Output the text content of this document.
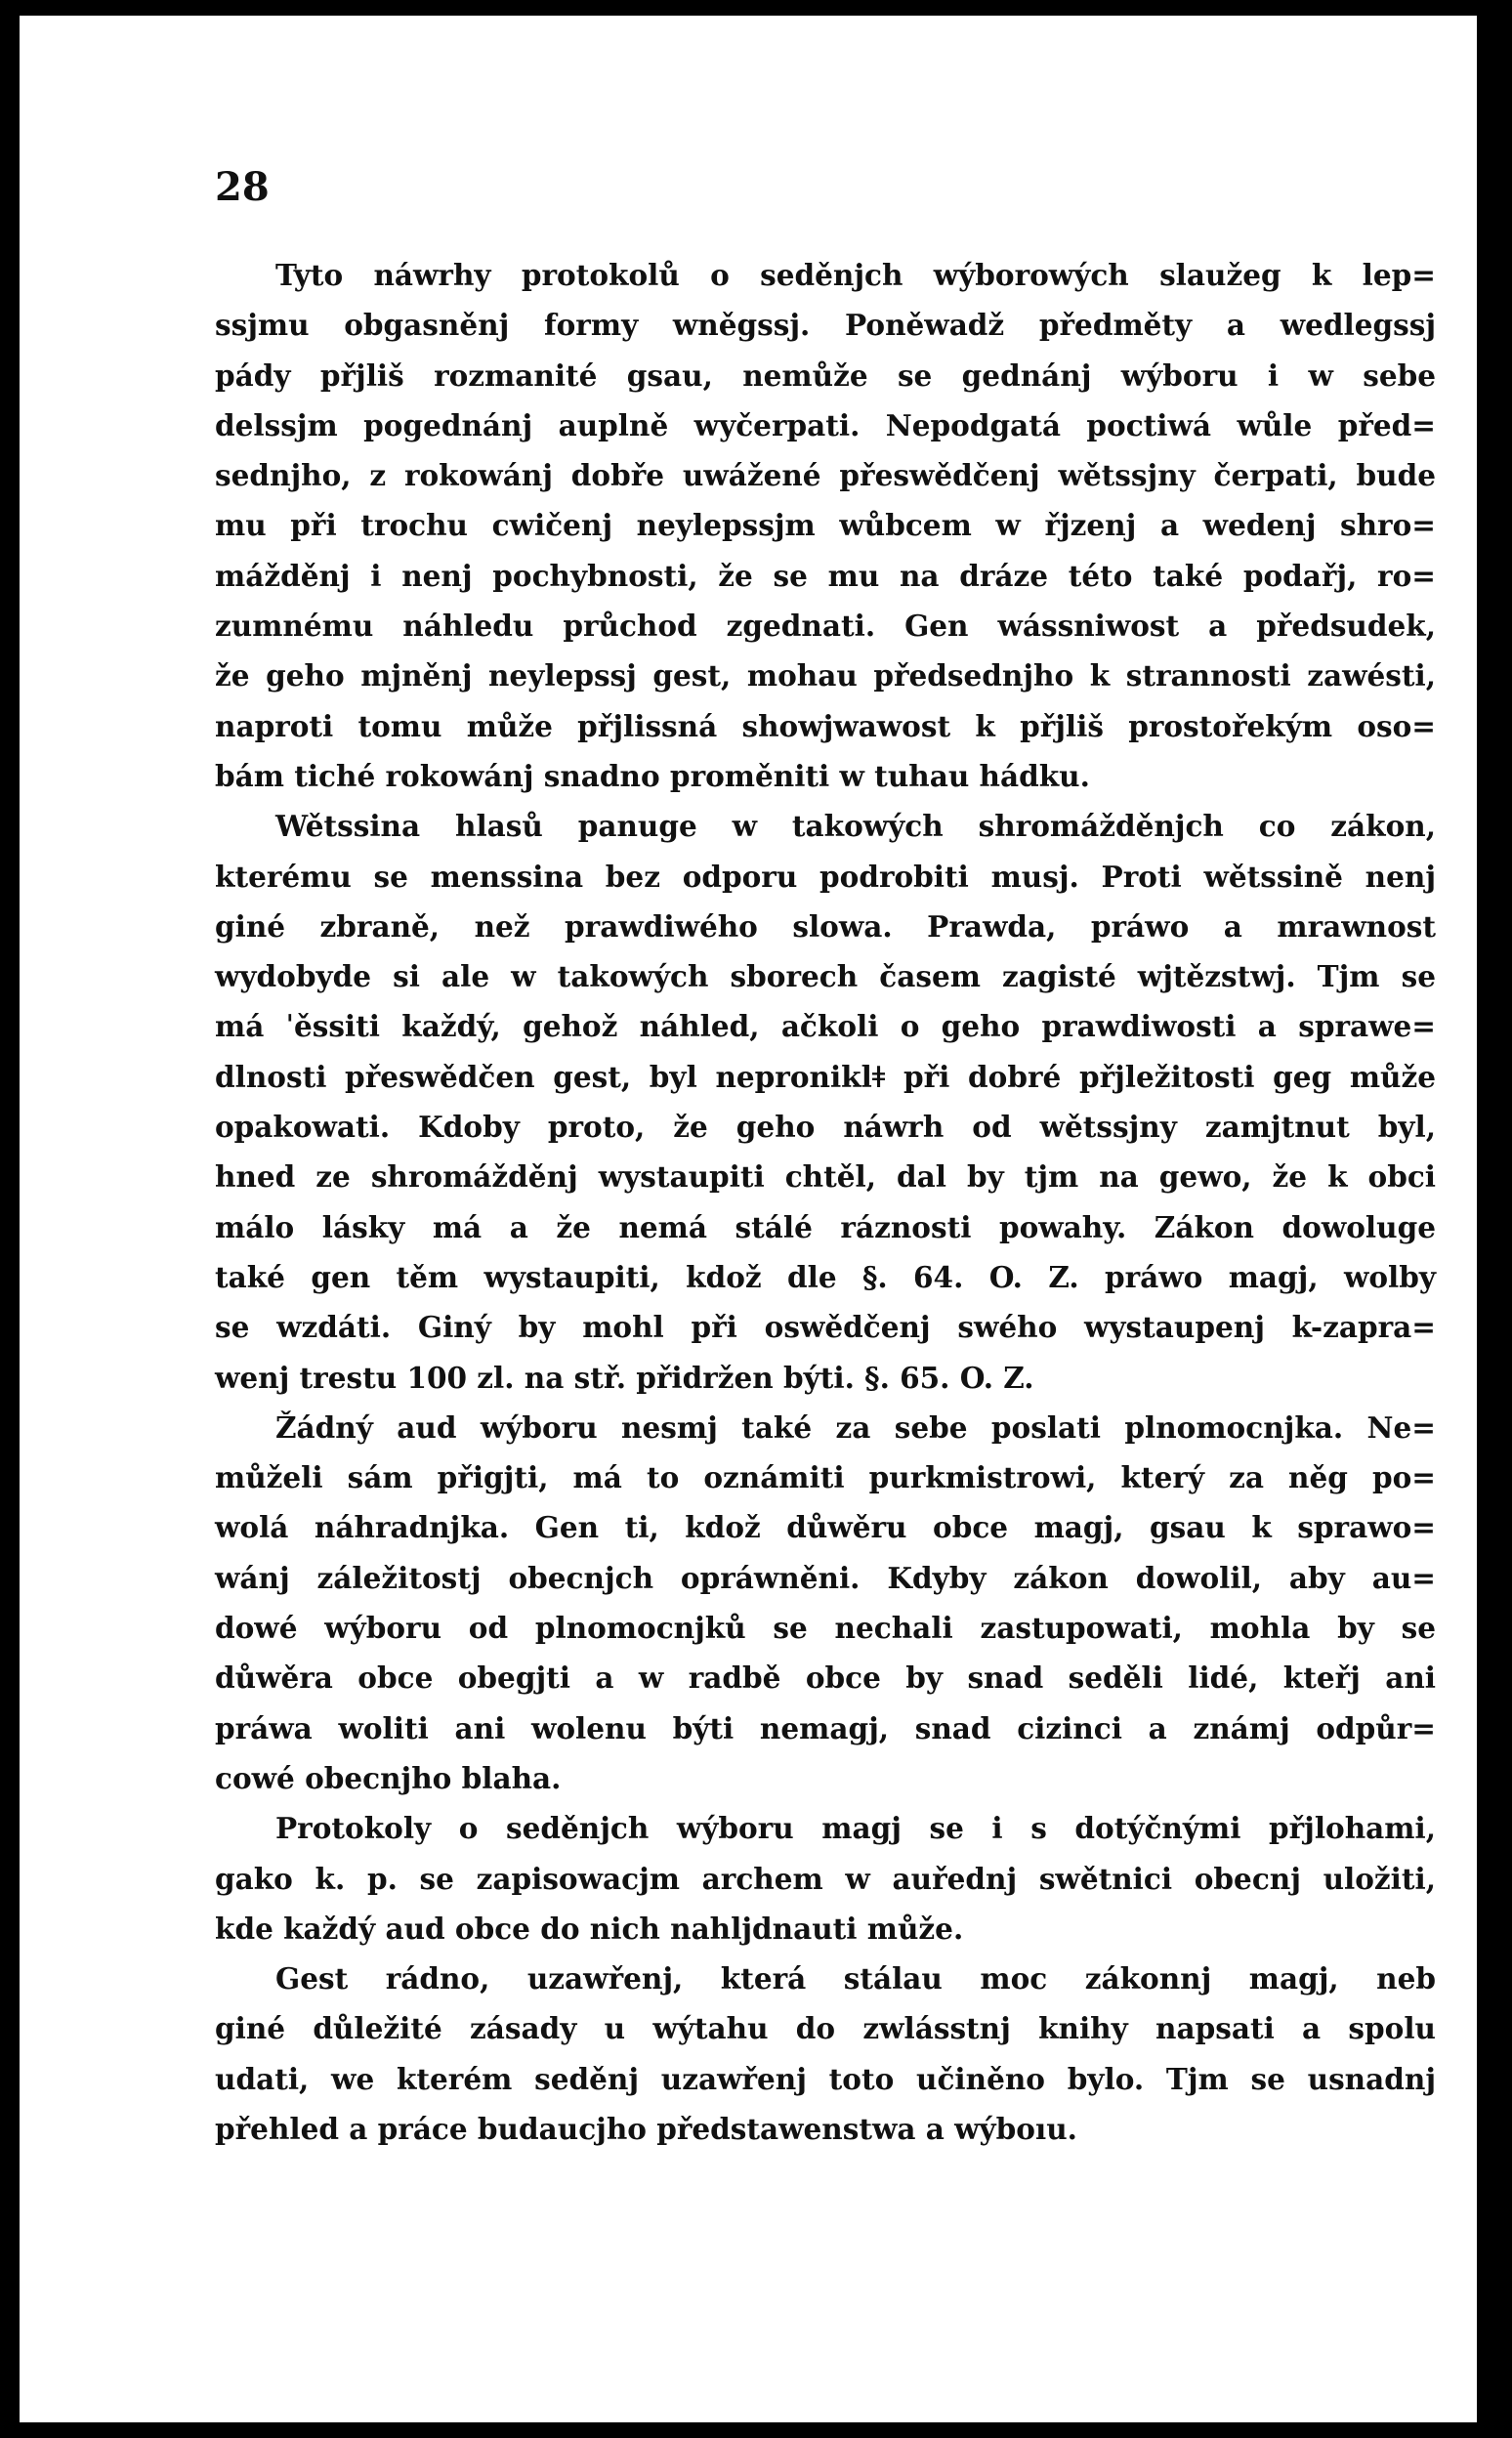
28
Tyto náwrhy protokolů o seděnjch wýborowých slaužeg k lep=
ssjmu obgasněnj formy wněgssj. Poněwadž předměty a wedlegssj
pády přjliš rozmanité gsau, nemůže se gednánj wýboru i w sebe
delssjm pogednánj auplně wyčerpati. Nepodgatá poctiwá wůle před=
sednjho, z rokowánj dobře uwážené přeswědčenj wětssjny čerpati, bude
mu při trochu cwičenj neylepssjm wůbcem w řjzenj a wedenj shro=
mážděnj i nenj pochybnosti, že se mu na dráze této také podařj, ro=
zumnému náhledu průchod zgednati. Gen wássniwost a předsudek,
že geho mjněnj neylepssj gest, mohau předsednjho k strannosti zawésti,
naproti tomu může přjlissná showjwawost k přjliš prostořekým oso=
bám tiché rokowánj snadno proměniti w tuhau hádku.
Wětssina hlasů panuge w takowých shromážděnjch co zákon,
kterému se menssina bez odporu podrobiti musj. Proti wětssině nenj
giné zbraně, než prawdiwého slowa. Prawda, práwo a mrawnost
wydobyde si ale w takowých sborech časem zagisté wjtězstwj. Tjm se
má ˈěssiti každý, gehož náhled, ačkoli o geho prawdiwosti a sprawe=
dlnosti přeswědčen gest, byl neproniklǂ při dobré přjležitosti geg může
opakowati. Kdoby proto, že geho náwrh od wětssjny zamjtnut byl,
hned ze shromážděnj wystaupiti chtěl, dal by tjm na gewo, že k obci
málo lásky má a že nemá stálé ráznosti powahy. Zákon dowoluge
také gen těm wystaupiti, kdož dle §. 64. O. Z. práwo magj, wolby
se wzdáti. Giný by mohl při oswědčenj swého wystaupenj k-zapra=
wenj trestu 100 zl. na stř. přidržen býti. §. 65. O. Z.
Žádný aud wýboru nesmj také za sebe poslati plnomocnjka. Ne=
můželi sám přigjti, má to oznámiti purkmistrowi, který za něg po=
wolá náhradnjka. Gen ti, kdož důwěru obce magj, gsau k sprawo=
wánj záležitostj obecnjch opráwněni. Kdyby zákon dowolil, aby au=
dowé wýboru od plnomocnjků se nechali zastupowati, mohla by se
důwěra obce obegjti a w radbě obce by snad seděli lidé, kteřj ani
práwa woliti ani wolenu býti nemagj, snad cizinci a známj odpůr=
cowé obecnjho blaha.
Protokoly o seděnjch wýboru magj se i s dotýčnými přjlohami,
gako k. p. se zapisowacjm archem w auřednj swětnici obecnj uložiti,
kde každý aud obce do nich nahljdnauti může.
Gest rádno, uzawřenj, která stálau moc zákonnj magj, neb
giné důležité zásady u wýtahu do zwlásstnj knihy napsati a spolu
udati, we kterém seděnj uzawřenj toto učiněno bylo. Tjm se usnadnj
přehled a práce budaucjho předstawenstwa a wýboıu.
